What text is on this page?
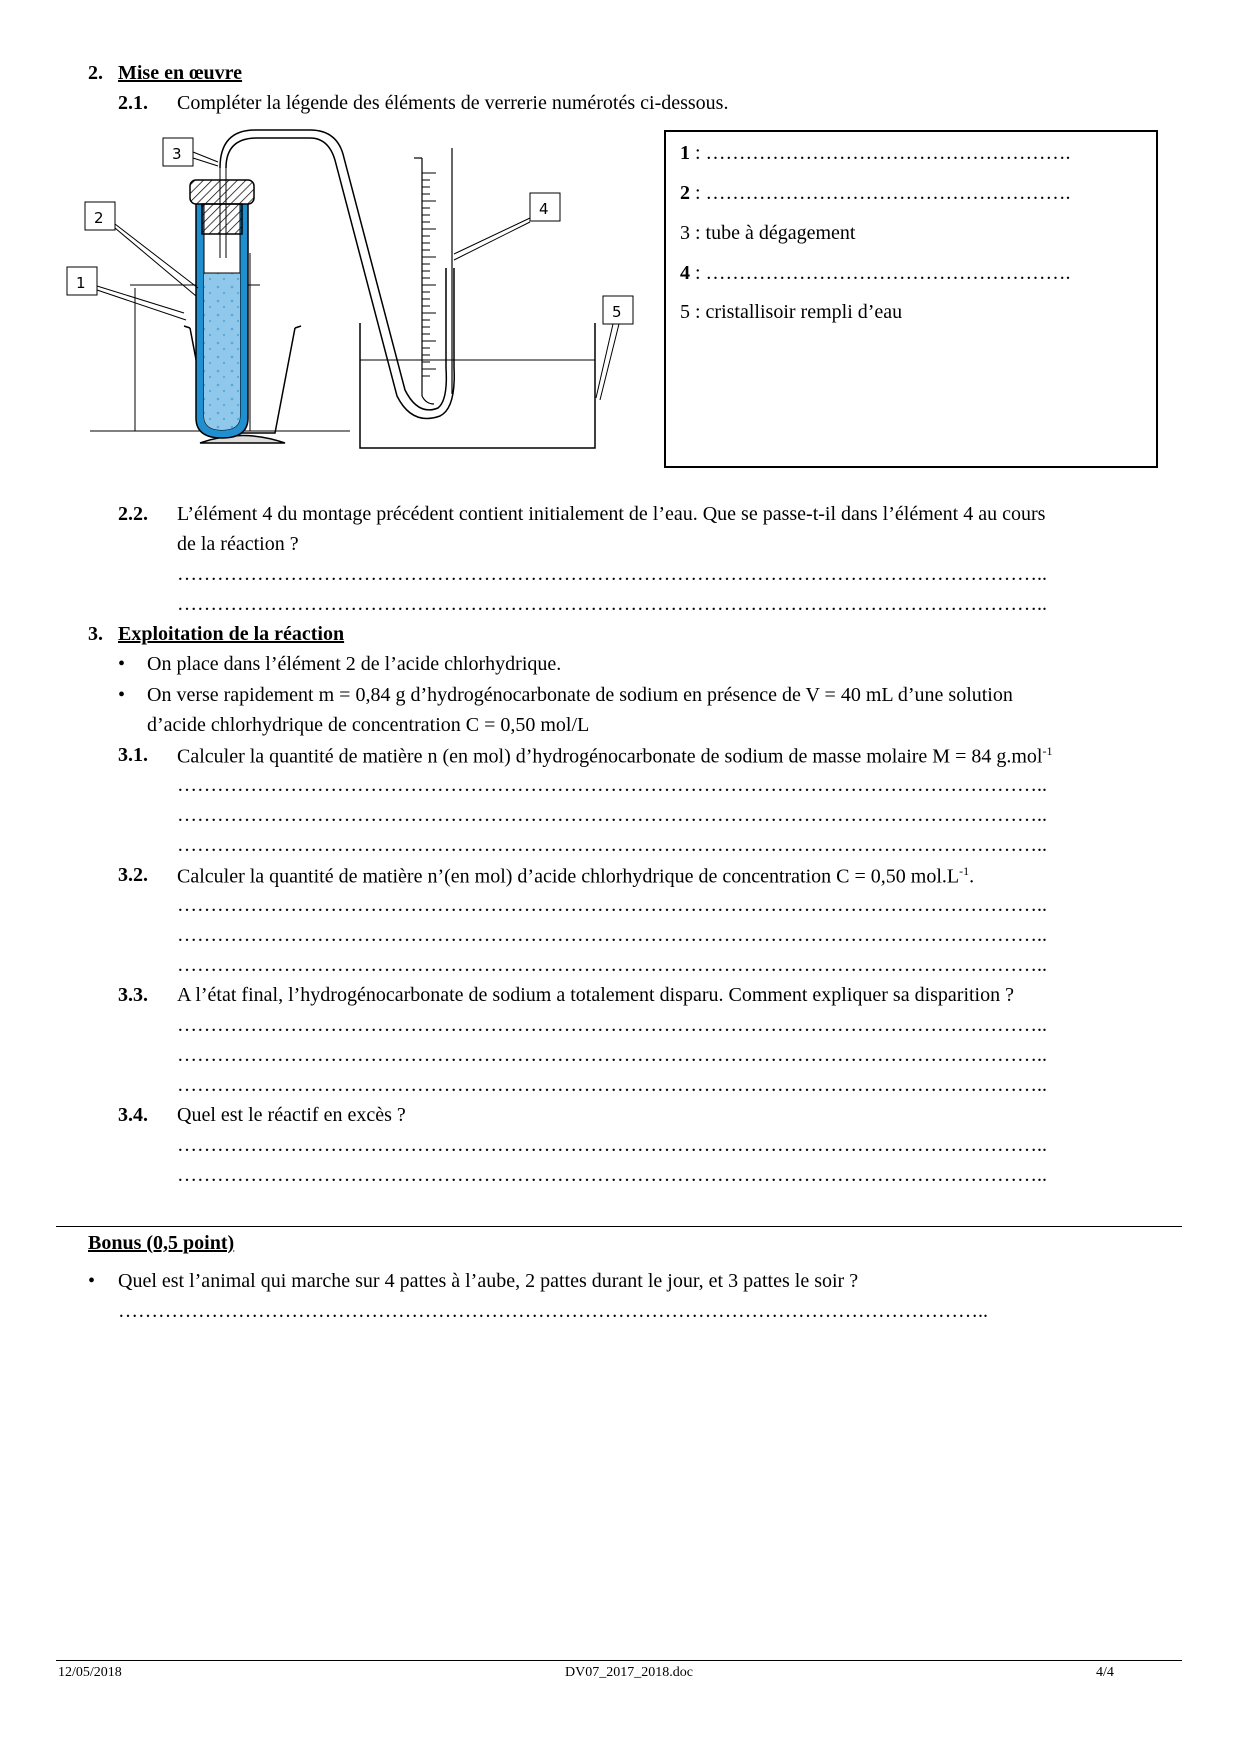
2. Mise en œuvre
2.1. Compléter la légende des éléments de verrerie numérotés ci-dessous.
3
2
1
4
5
1 : ……………………………………………….
2 : ……………………………………………….
3 : tube à dégagement
4 : ……………………………………………….
5 : cristallisoir rempli d’eau
2.2. L’élément 4 du montage précédent contient initialement de l’eau. Que se passe-t-il dans l’élément 4 au cours
de la réaction ?
…………………………………………………………………………………………………………………..
…………………………………………………………………………………………………………………..
3. Exploitation de la réaction
• On place dans l’élément 2 de l’acide chlorhydrique.
• On verse rapidement m = 0,84 g d’hydrogénocarbonate de sodium en présence de V = 40 mL d’une solution
d’acide chlorhydrique de concentration C = 0,50 mol/L
3.1. Calculer la quantité de matière n (en mol) d’hydrogénocarbonate de sodium de masse molaire M = 84 g.mol$^{-1}$
…………………………………………………………………………………………………………………..
…………………………………………………………………………………………………………………..
…………………………………………………………………………………………………………………..
3.2. Calculer la quantité de matière n’(en mol) d’acide chlorhydrique de concentration C = 0,50 $mol.L^{-1}$.
…………………………………………………………………………………………………………………..
…………………………………………………………………………………………………………………..
…………………………………………………………………………………………………………………..
3.3. A l’état final, l’hydrogénocarbonate de sodium a totalement disparu. Comment expliquer sa disparition ?
…………………………………………………………………………………………………………………..
…………………………………………………………………………………………………………………..
…………………………………………………………………………………………………………………..
3.4. Quel est le réactif en excès ?
…………………………………………………………………………………………………………………..
…………………………………………………………………………………………………………………..
Bonus (0,5 point)
• Quel est l’animal qui marche sur 4 pattes à l’aube, 2 pattes durant le jour, et 3 pattes le soir ?
…………………………………………………………………………………………………………………..
12/05/2018	DV07_2017_2018.doc	4/4
